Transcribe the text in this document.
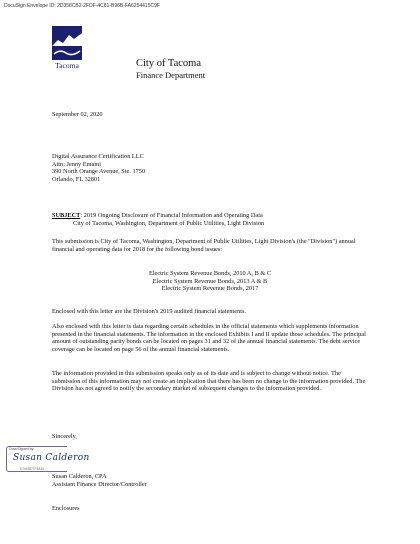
DocuSign Envelope ID: 2D358CB2-2FDF-4C81-B96B-FA6254415C9F
Tacoma	City of Tacoma
Finance Department
September 02, 2020
Digital Assurance Certification LLC
Attn: Jenny Emami
390 North Orange Avenue, Ste. 1750
Orlando, FL 32801
SUBJECT: 2019 Ongoing Disclosure of Financial Information and Operating Data
City of Tacoma, Washington, Department of Public Utilities, Light Division
This submission is City of Tacoma, Washington, Department of Public Utilities, Light Division's (the "Division") annual financial and operating data for 2018 for the following bond issues:
Electric System Revenue Bonds, 2010 A, B & C
Electric System Revenue Bonds, 2013 A & B
Electric System Revenue Bonds, 2017
Enclosed with this letter are the Division's 2019 audited financial statements.
Also enclosed with this letter is data regarding certain schedules in the official statements which supplements information presented in the financial statements. The information in the enclosed Exhibits I and II update those schedules. The principal amount of outstanding parity bonds can be located on pages 31 and 32 of the annual financial statements. The debt service coverage can be located on page 56 of the annual financial statements.
The information provided in this submission speaks only as of its date and is subject to change without notice. The submission of this information may not create an implication that there has been no change to the information provided. The Division has not agreed to notify the secondary market of subsequent changes to the information provided.
Sincerely,
DocuSigned by:
Susan Calderon
E7492877F2A34...
Susan Calderon, CPA
Assistant Finance Director/Controller
Enclosures
